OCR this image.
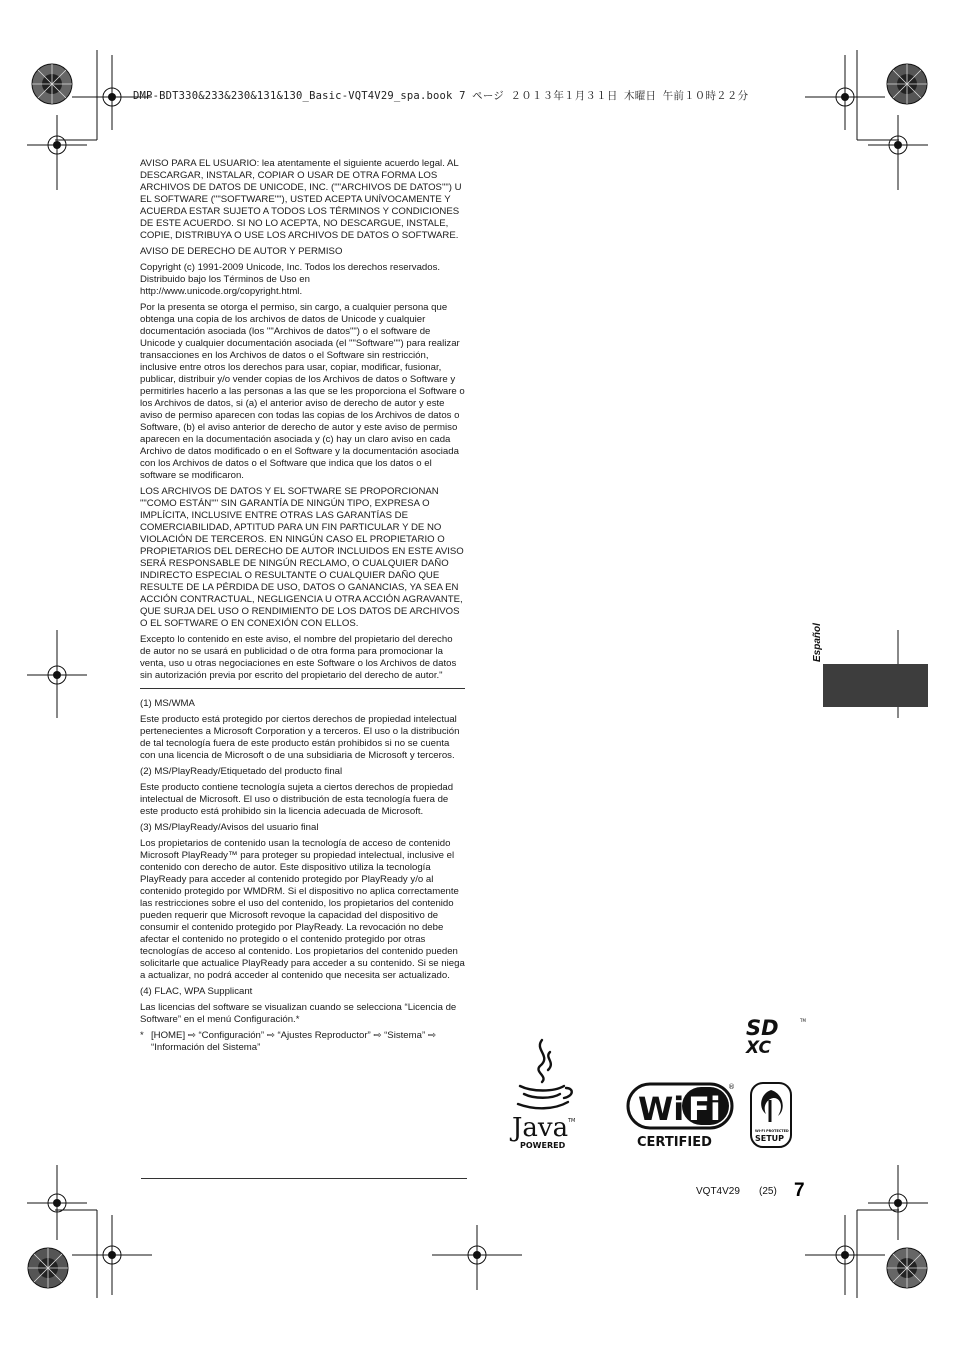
DMP-BDT330&233&230&131&130_Basic-VQT4V29_spa.book 7 ページ ２０１３年１月３１日 木曜日 午前１０時２２分

AVISO PARA EL USUARIO: lea atentamente el siguiente acuerdo legal. AL DESCARGAR, INSTALAR, COPIAR O USAR DE OTRA FORMA LOS ARCHIVOS DE DATOS DE UNICODE, INC. (""ARCHIVOS DE DATOS"") U EL SOFTWARE (""SOFTWARE""), USTED ACEPTA UNÍVOCAMENTE Y ACUERDA ESTAR SUJETO A TODOS LOS TÉRMINOS Y CONDICIONES DE ESTE ACUERDO. SI NO LO ACEPTA, NO DESCARGUE, INSTALE, COPIE, DISTRIBUYA O USE LOS ARCHIVOS DE DATOS O SOFTWARE.

AVISO DE DERECHO DE AUTOR Y PERMISO

Copyright (c) 1991-2009 Unicode, Inc. Todos los derechos reservados. Distribuido bajo los Términos de Uso en http://www.unicode.org/copyright.html.

Por la presenta se otorga el permiso, sin cargo, a cualquier persona que obtenga una copia de los archivos de datos de Unicode y cualquier documentación asociada (los ""Archivos de datos"") o el software de Unicode y cualquier documentación asociada (el ""Software"") para realizar transacciones en los Archivos de datos o el Software sin restricción, inclusive entre otros los derechos para usar, copiar, modificar, fusionar, publicar, distribuir y/o vender copias de los Archivos de datos o Software y permitirles hacerlo a las personas a las que se les proporciona el Software o los Archivos de datos, si (a) el anterior aviso de derecho de autor y este aviso de permiso aparecen con todas las copias de los Archivos de datos o Software, (b) el aviso anterior de derecho de autor y este aviso de permiso aparecen en la documentación asociada y (c) hay un claro aviso en cada Archivo de datos modificado o en el Software y la documentación asociada con los Archivos de datos o el Software que indica que los datos o el software se modificaron.

LOS ARCHIVOS DE DATOS Y EL SOFTWARE SE PROPORCIONAN ""COMO ESTÁN"" SIN GARANTÍA DE NINGÚN TIPO, EXPRESA O IMPLÍCITA, INCLUSIVE ENTRE OTRAS LAS GARANTÍAS DE COMERCIABILIDAD, APTITUD PARA UN FIN PARTICULAR Y DE NO VIOLACIÓN DE TERCEROS. EN NINGÚN CASO EL PROPIETARIO O PROPIETARIOS DEL DERECHO DE AUTOR INCLUIDOS EN ESTE AVISO SERÁ RESPONSABLE DE NINGÚN RECLAMO, O CUALQUIER DAÑO INDIRECTO ESPECIAL O RESULTANTE O CUALQUIER DAÑO QUE RESULTE DE LA PÉRDIDA DE USO, DATOS O GANANCIAS, YA SEA EN ACCIÓN CONTRACTUAL, NEGLIGENCIA U OTRA ACCIÓN AGRAVANTE, QUE SURJA DEL USO O RENDIMIENTO DE LOS DATOS DE ARCHIVOS O EL SOFTWARE O EN CONEXIÓN CON ELLOS.

Excepto lo contenido en este aviso, el nombre del propietario del derecho de autor no se usará en publicidad o de otra forma para promocionar la venta, uso u otras negociaciones en este Software o los Archivos de datos sin autorización previa por escrito del propietario del derecho de autor."

(1) MS/WMA

Este producto está protegido por ciertos derechos de propiedad intelectual pertenecientes a Microsoft Corporation y a terceros. El uso o la distribución de tal tecnología fuera de este producto están prohibidos si no se cuenta con una licencia de Microsoft o de una subsidiaria de Microsoft y terceros.

(2) MS/PlayReady/Etiquetado del producto final

Este producto contiene tecnología sujeta a ciertos derechos de propiedad intelectual de Microsoft. El uso o distribución de esta tecnología fuera de este producto está prohibido sin la licencia adecuada de Microsoft.

(3) MS/PlayReady/Avisos del usuario final

Los propietarios de contenido usan la tecnología de acceso de contenido Microsoft PlayReady™ para proteger su propiedad intelectual, inclusive el contenido con derecho de autor. Este dispositivo utiliza la tecnología PlayReady para acceder al contenido protegido por PlayReady y/o al contenido protegido por WMDRM. Si el dispositivo no aplica correctamente las restricciones sobre el uso del contenido, los propietarios del contenido pueden requerir que Microsoft revoque la capacidad del dispositivo de consumir el contenido protegido por PlayReady. La revocación no debe afectar el contenido no protegido o el contenido protegido por otras tecnologías de acceso al contenido. Los propietarios del contenido pueden solicitarle que actualice PlayReady para acceder a su contenido. Si se niega a actualizar, no podrá acceder al contenido que necesita ser actualizado.

(4) FLAC, WPA Supplicant

Las licencias del software se visualizan cuando se selecciona “Licencia de Software” en el menú Configuración.*

* [HOME] ⇨ “Configuración” ⇨ “Ajustes Reproductor” ⇨ “Sistema” ⇨ “Información del Sistema”
Español
SD
XC
TM
Java TM
POWERED
Wi Fi
®
CERTIFIED
WI-FI PROTECTED
SETUP
VQT4V29 (25) 7
